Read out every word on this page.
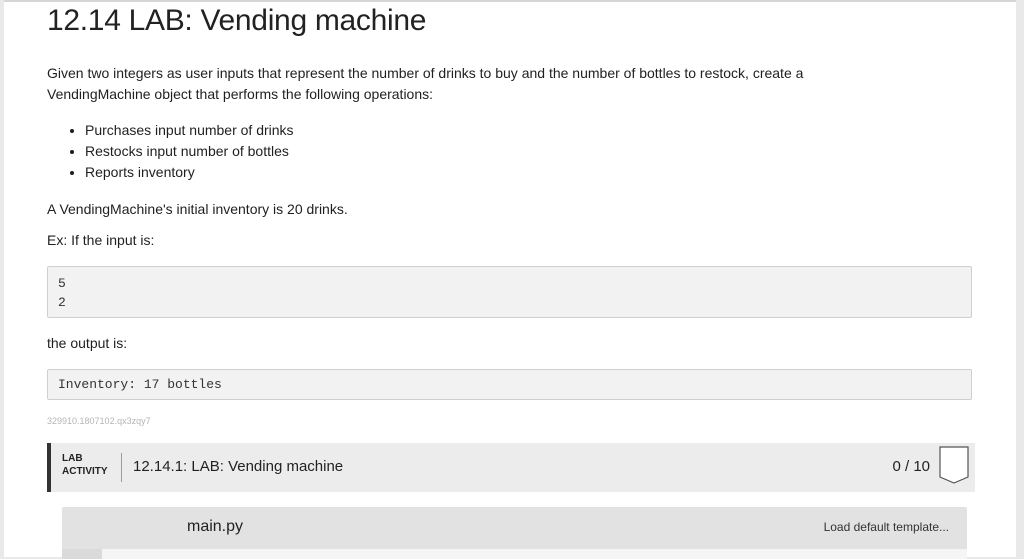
12.14 LAB: Vending machine

Given two integers as user inputs that represent the number of drinks to buy and the number of bottles to restock, create a VendingMachine object that performs the following operations:

• Purchases input number of drinks
• Restocks input number of bottles
• Reports inventory

A VendingMachine's initial inventory is 20 drinks.

Ex: If the input is:

5
2

the output is:

Inventory: 17 bottles
329910.1807102.qx3zqy7
LAB
ACTIVITY 12.14.1: LAB: Vending machine	0 / 10
main.py	Load default template...
